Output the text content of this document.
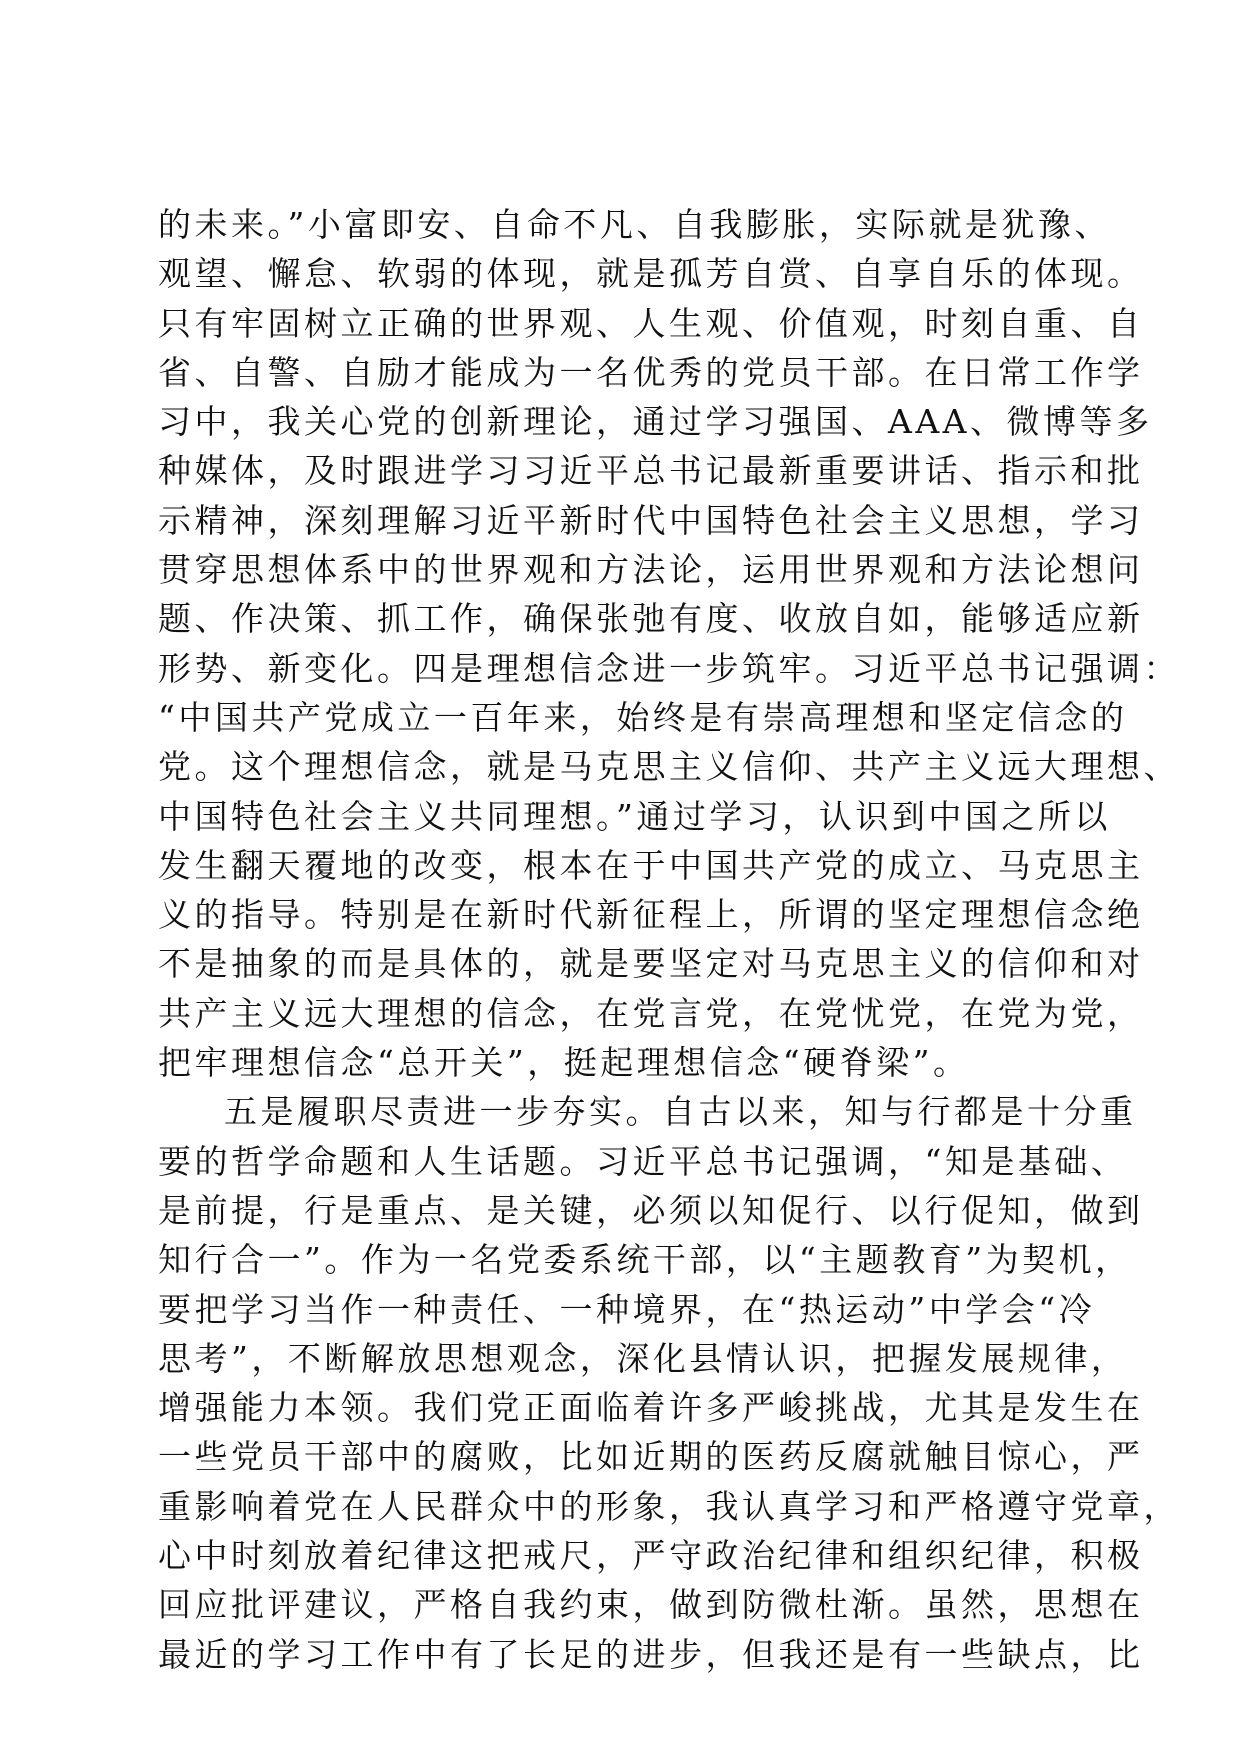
的未来。”小富即安、自命不凡、自我膨胀，实际就是犹豫、
观望、懈怠、软弱的体现，就是孤芳自赏、自享自乐的体现。
只有牢固树立正确的世界观、人生观、价值观，时刻自重、自
省、自警、自励才能成为一名优秀的党员干部。在日常工作学
习中，我关心党的创新理论，通过学习强国、AAA、微博等多
种媒体，及时跟进学习习近平总书记最新重要讲话、指示和批
示精神，深刻理解习近平新时代中国特色社会主义思想，学习
贯穿思想体系中的世界观和方法论，运用世界观和方法论想问
题、作决策、抓工作，确保张弛有度、收放自如，能够适应新
形势、新变化。四是理想信念进一步筑牢。习近平总书记强调：
“中国共产党成立一百年来，始终是有崇高理想和坚定信念的
党。这个理想信念，就是马克思主义信仰、共产主义远大理想、
中国特色社会主义共同理想。”通过学习，认识到中国之所以
发生翻天覆地的改变，根本在于中国共产党的成立、马克思主
义的指导。特别是在新时代新征程上，所谓的坚定理想信念绝
不是抽象的而是具体的，就是要坚定对马克思主义的信仰和对
共产主义远大理想的信念，在党言党，在党忧党，在党为党，
把牢理想信念“总开关”，挺起理想信念“硬脊梁”。
五是履职尽责进一步夯实。自古以来，知与行都是十分重
要的哲学命题和人生话题。习近平总书记强调，“知是基础、
是前提，行是重点、是关键，必须以知促行、以行促知，做到
知行合一”。作为一名党委系统干部，以“主题教育”为契机，
要把学习当作一种责任、一种境界，在“热运动”中学会“冷
思考”，不断解放思想观念，深化县情认识，把握发展规律，
增强能力本领。我们党正面临着许多严峻挑战，尤其是发生在
一些党员干部中的腐败，比如近期的医药反腐就触目惊心，严
重影响着党在人民群众中的形象，我认真学习和严格遵守党章，
心中时刻放着纪律这把戒尺，严守政治纪律和组织纪律，积极
回应批评建议，严格自我约束，做到防微杜渐。虽然，思想在
最近的学习工作中有了长足的进步，但我还是有一些缺点，比
